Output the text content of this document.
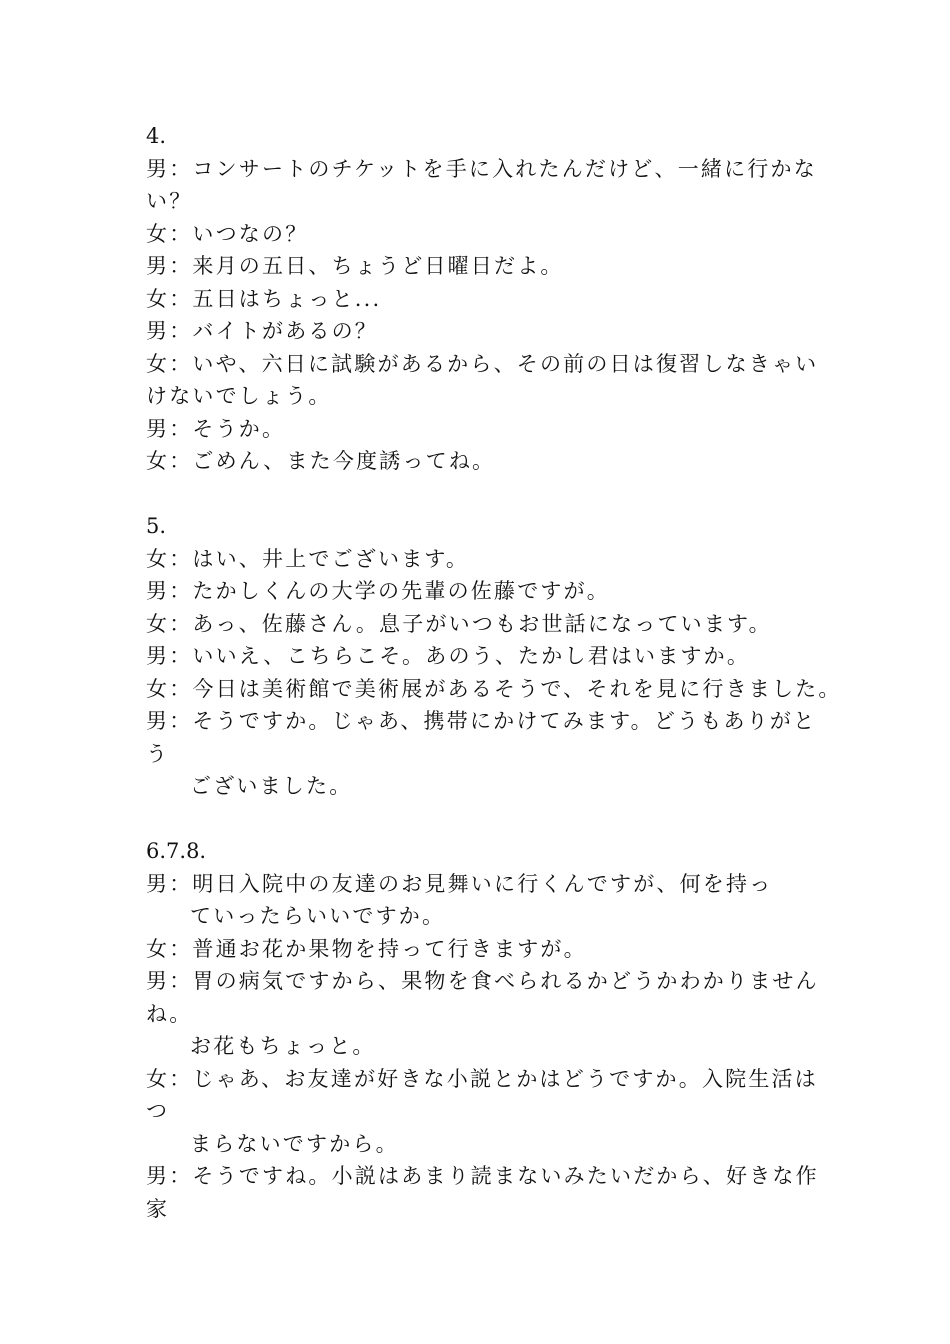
4.
男：コンサートのチケットを手に入れたんだけど、一緒に行かな
い？
女：いつなの？
男：来月の五日、ちょうど日曜日だよ。
女：五日はちょっと...
男：バイトがあるの？
女：いや、六日に試験があるから、その前の日は復習しなきゃい
けないでしょう。
男：そうか。
女：ごめん、また今度誘ってね。
5.
女：はい、井上でございます。
男：たかしくんの大学の先輩の佐藤ですが。
女：あっ、佐藤さん。息子がいつもお世話になっています。
男：いいえ、こちらこそ。あのう、たかし君はいますか。
女：今日は美術館で美術展があるそうで、それを見に行きました。
男：そうですか。じゃあ、携帯にかけてみます。どうもありがと
う
ございました。
6.7.8.
男：明日入院中の友達のお見舞いに行くんですが、何を持っ
ていったらいいですか。
女：普通お花か果物を持って行きますが。
男：胃の病気ですから、果物を食べられるかどうかわかりません
ね。
お花もちょっと。
女：じゃあ、お友達が好きな小説とかはどうですか。入院生活は
つ
まらないですから。
男：そうですね。小説はあまり読まないみたいだから、好きな作
家
